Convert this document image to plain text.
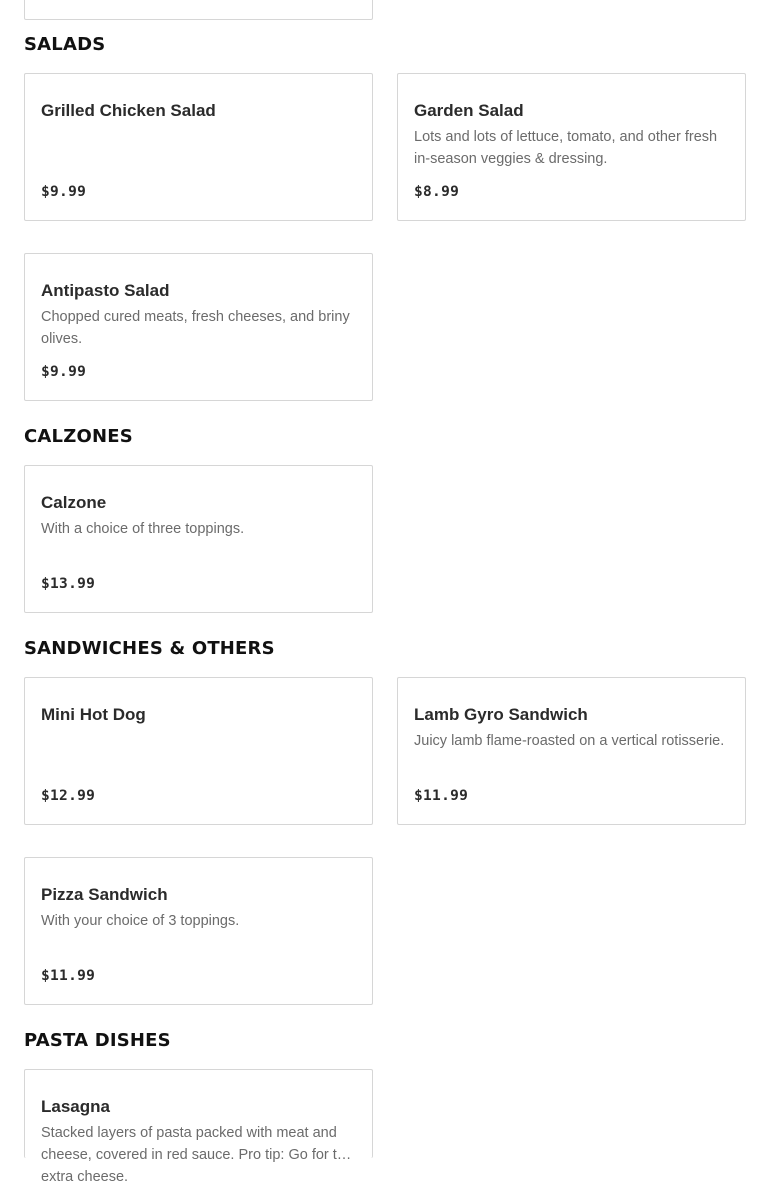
SALADS
Grilled Chicken Salad
$9.99
Garden Salad
Lots and lots of lettuce, tomato, and other fresh in-season veggies & dressing.
$8.99
Antipasto Salad
Chopped cured meats, fresh cheeses, and briny olives.
$9.99
CALZONES
Calzone
With a choice of three toppings.
$13.99
SANDWICHES & OTHERS
Mini Hot Dog
$12.99
Lamb Gyro Sandwich
Juicy lamb flame-roasted on a vertical rotisserie.
$11.99
Pizza Sandwich
With your choice of 3 toppings.
$11.99
PASTA DISHES
Lasagna
Stacked layers of pasta packed with meat and cheese, covered in red sauce. Pro tip: Go for the extra cheese.
